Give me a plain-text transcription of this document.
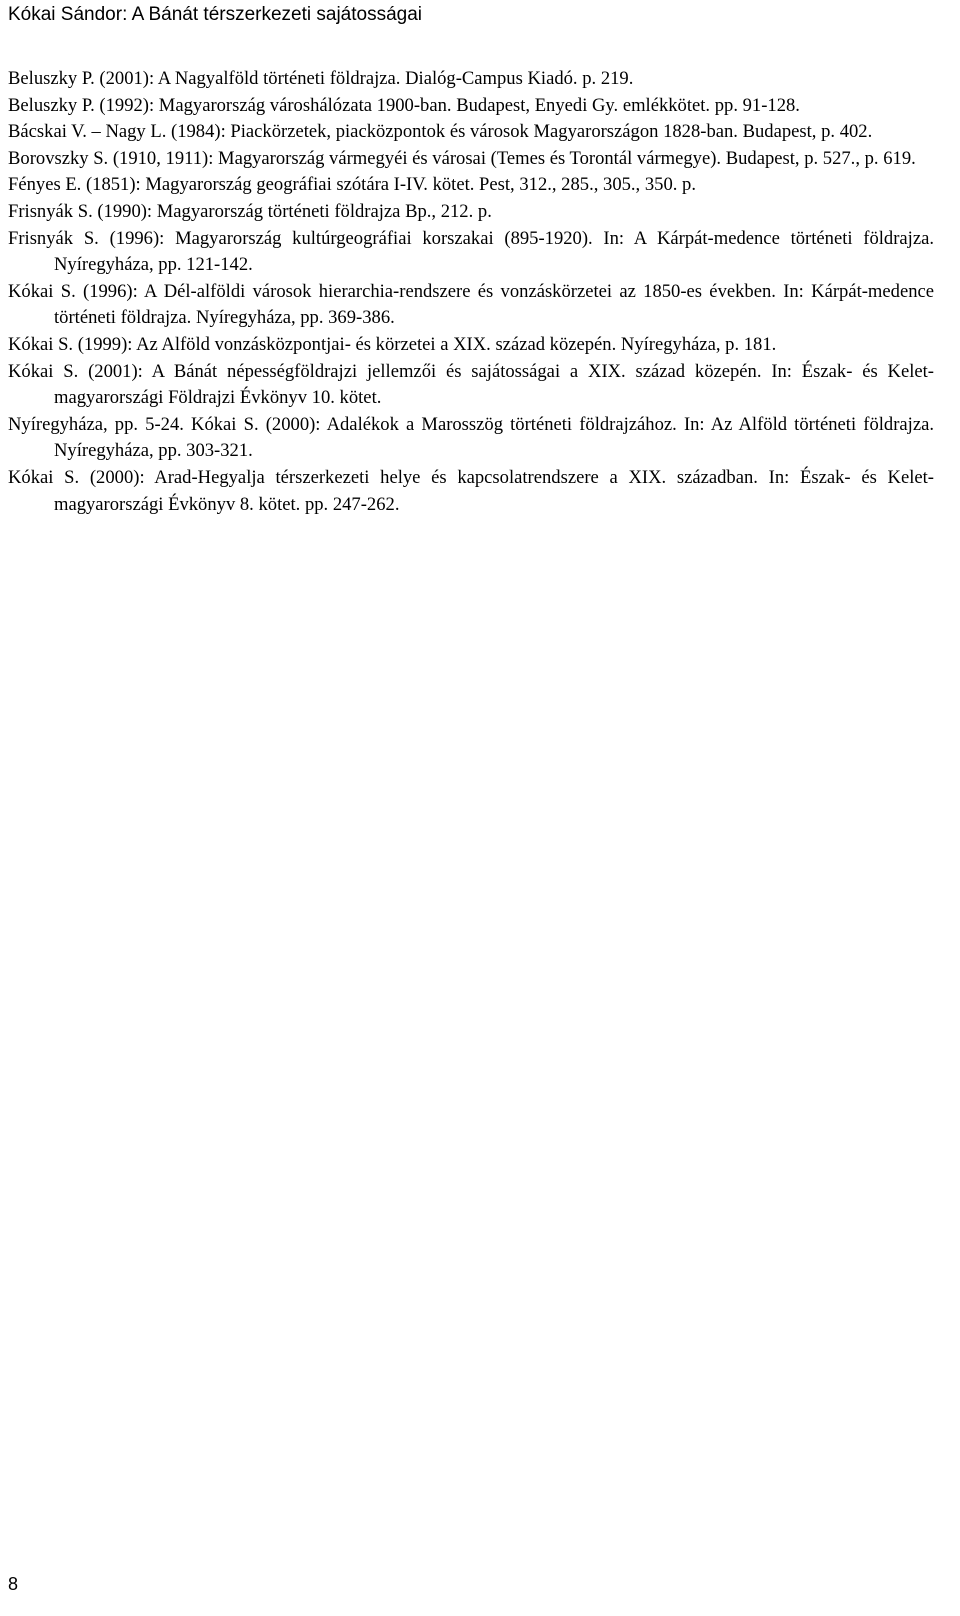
Kókai Sándor: A Bánát térszerkezeti sajátosságai
Beluszky P. (2001): A Nagyalföld történeti földrajza. Dialóg-Campus Kiadó. p. 219.
Beluszky P. (1992): Magyarország városhálózata 1900-ban. Budapest, Enyedi Gy. emlékkötet. pp. 91-128.
Bácskai V. – Nagy L. (1984): Piackörzetek, piacközpontok és városok Magyarországon 1828-ban. Budapest, p. 402.
Borovszky S. (1910, 1911): Magyarország vármegyéi és városai (Temes és Torontál vármegye). Budapest, p. 527., p. 619.
Fényes E. (1851): Magyarország geográfiai szótára I-IV. kötet. Pest, 312., 285., 305., 350. p.
Frisnyák S. (1990): Magyarország történeti földrajza Bp., 212. p.
Frisnyák S. (1996): Magyarország kultúrgeográfiai korszakai (895-1920). In: A Kárpát-medence történeti földrajza. Nyíregyháza, pp. 121-142.
Kókai S. (1996): A Dél-alföldi városok hierarchia-rendszere és vonzáskörzetei az 1850-es években. In: Kárpát-medence történeti földrajza. Nyíregyháza, pp. 369-386.
Kókai S. (1999): Az Alföld vonzásközpontjai- és körzetei a XIX. század közepén. Nyíregyháza, p. 181.
Kókai S. (2001): A Bánát népességföldrajzi jellemzői és sajátosságai a XIX. század közepén. In: Észak- és Kelet-magyarországi Földrajzi Évkönyv 10. kötet.
Nyíregyháza, pp. 5-24. Kókai S. (2000): Adalékok a Marosszög történeti földrajzához. In: Az Alföld történeti földrajza. Nyíregyháza, pp. 303-321.
Kókai S. (2000): Arad-Hegyalja térszerkezeti helye és kapcsolatrendszere a XIX. században. In: Észak- és Kelet-magyarországi Évkönyv 8. kötet. pp. 247-262.
8
